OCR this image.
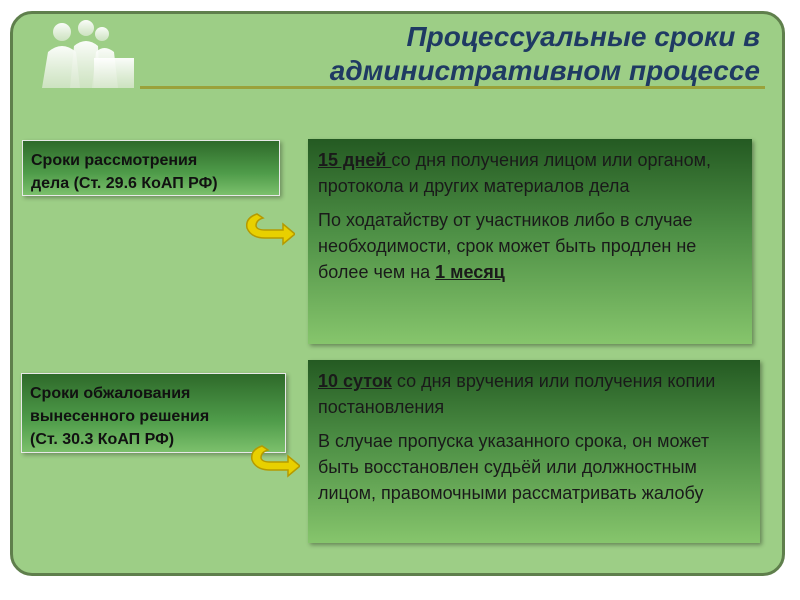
Процессуальные сроки в
административном процессе
Сроки рассмотрения
дела (Ст. 29.6 КоАП РФ)

15 дней со дня получения лицом или органом, протокола и других материалов дела

По ходатайству от участников либо в случае необходимости, срок может быть продлен не более чем на 1 месяц

Сроки обжалования
вынесенного решения
(Ст. 30.3 КоАП РФ)

10 суток со дня вручения или получения копии постановления

В случае пропуска указанного срока, он может быть восстановлен судьёй или должностным лицом, правомочными рассматривать жалобу
